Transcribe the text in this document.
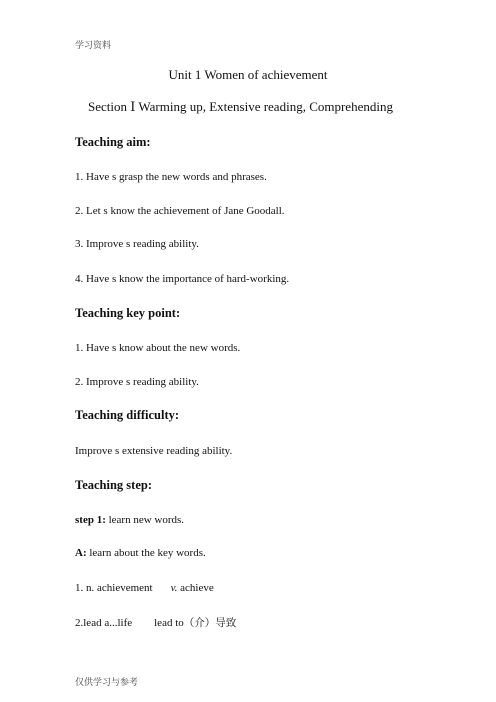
学习资料
Unit 1 Women of achievement
Section Ⅰ Warming up, Extensive reading, Comprehending
Teaching aim:
1. Have s grasp the new words and phrases.
2. Let s know the achievement of Jane Goodall.
3. Improve s reading ability.
4. Have s know the importance of hard-working.
Teaching key point:
1. Have s know about the new words.
2. Improve s reading ability.
Teaching difficulty:
Improve s extensive reading ability.
Teaching step:
step 1: learn new words.
A: learn about the key words.
1. n. achievement v. achieve
2.lead a...life lead to（介）导致
仅供学习与参考
